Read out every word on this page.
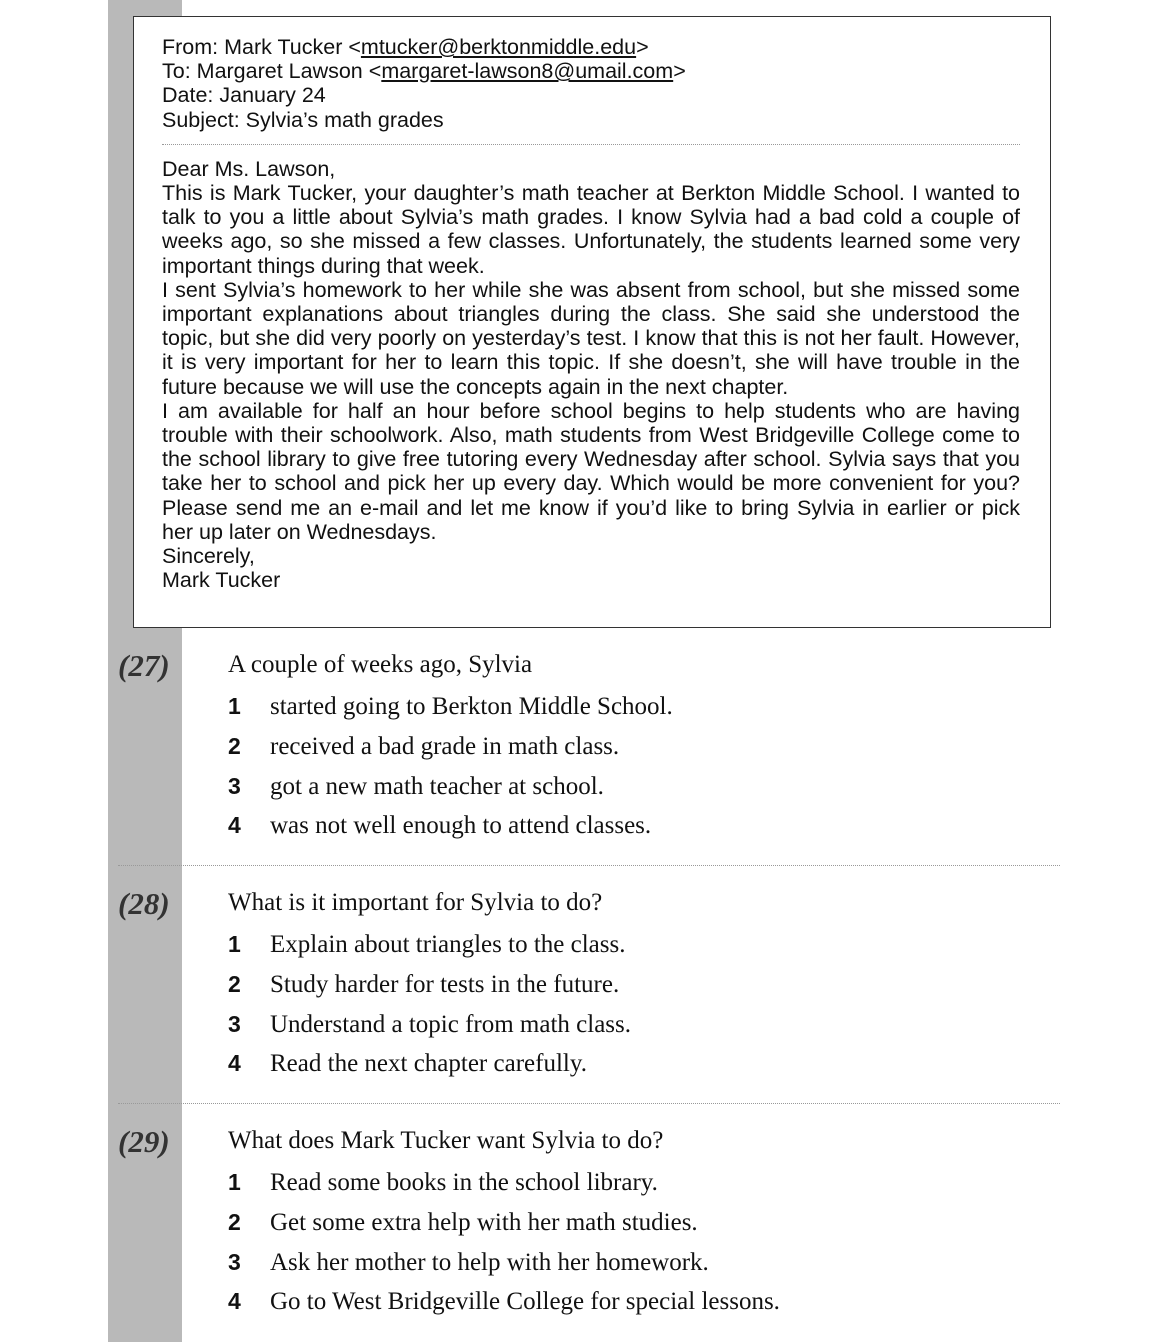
From: Mark Tucker <mtucker@berktonmiddle.edu>
To: Margaret Lawson <margaret-lawson8@umail.com>
Date: January 24
Subject: Sylvia’s math grades
Dear Ms. Lawson,
This is Mark Tucker, your daughter’s math teacher at Berkton Middle School. I wanted to talk to you a little about Sylvia’s math grades. I know Sylvia had a bad cold a couple of weeks ago, so she missed a few classes. Unfortunately, the students learned some very important things during that week.
I sent Sylvia’s homework to her while she was absent from school, but she missed some important explanations about triangles during the class. She said she understood the topic, but she did very poorly on yesterday’s test. I know that this is not her fault. However, it is very important for her to learn this topic. If she doesn’t, she will have trouble in the future because we will use the concepts again in the next chapter.
I am available for half an hour before school begins to help students who are having trouble with their schoolwork. Also, math students from West Bridgeville College come to the school library to give free tutoring every Wednesday after school. Sylvia says that you take her to school and pick her up every day. Which would be more convenient for you? Please send me an e-mail and let me know if you’d like to bring Sylvia in earlier or pick her up later on Wednesdays.
Sincerely,
Mark Tucker
(27) A couple of weeks ago, Sylvia
1 started going to Berkton Middle School.
2 received a bad grade in math class.
3 got a new math teacher at school.
4 was not well enough to attend classes.
(28) What is it important for Sylvia to do?
1 Explain about triangles to the class.
2 Study harder for tests in the future.
3 Understand a topic from math class.
4 Read the next chapter carefully.
(29) What does Mark Tucker want Sylvia to do?
1 Read some books in the school library.
2 Get some extra help with her math studies.
3 Ask her mother to help with her homework.
4 Go to West Bridgeville College for special lessons.
